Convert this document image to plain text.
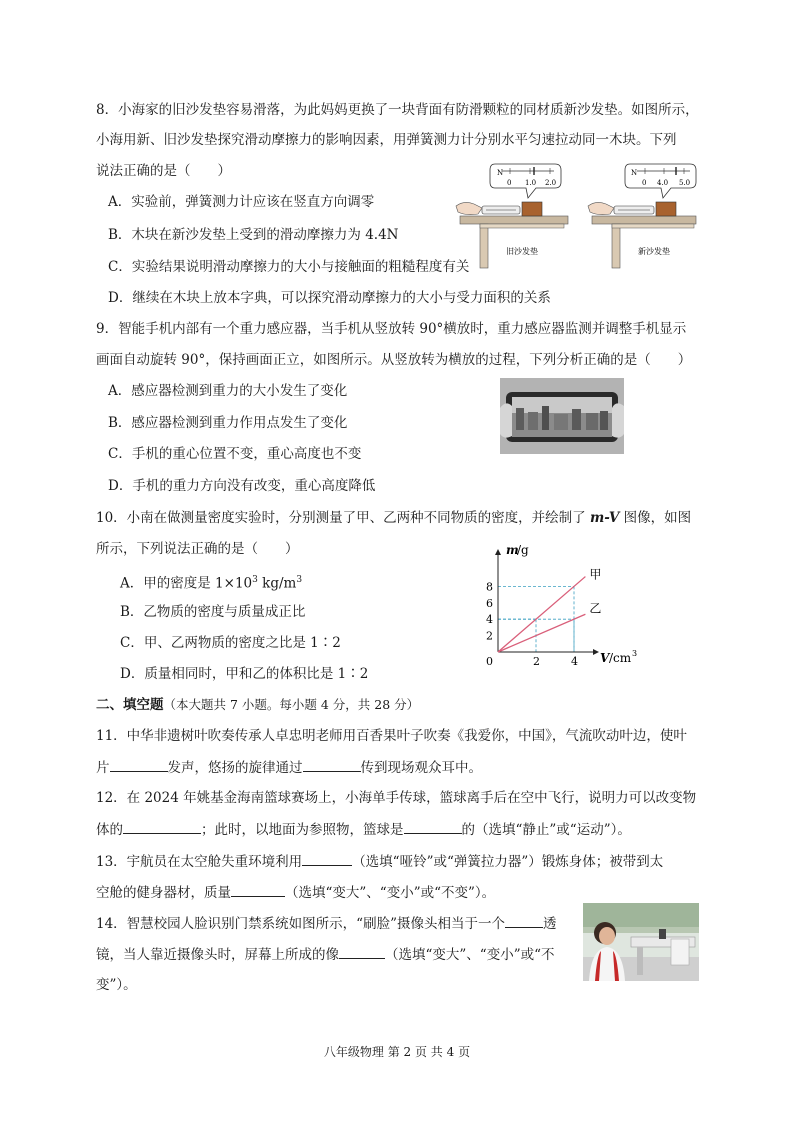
8．小海家的旧沙发垫容易滑落，为此妈妈更换了一块背面有防滑颗粒的同材质新沙发垫。如图所示，
小海用新、旧沙发垫探究滑动摩擦力的影响因素，用弹簧测力计分别水平匀速拉动同一木块。下列
说法正确的是（　　）
A．实验前，弹簧测力计应该在竖直方向调零
B．木块在新沙发垫上受到的滑动摩擦力为 4.4N
C．实验结果说明滑动摩擦力的大小与接触面的粗糙程度有关
D．继续在木块上放本字典，可以探究滑动摩擦力的大小与受力面积的关系
N
0 1.0 2.0
旧沙发垫
N
0 4.0 5.0
新沙发垫
9．智能手机内部有一个重力感应器，当手机从竖放转 90°横放时，重力感应器监测并调整手机显示
画面自动旋转 90°，保持画面正立，如图所示。从竖放转为横放的过程，下列分析正确的是（　　）
A．感应器检测到重力的大小发生了变化
B．感应器检测到重力作用点发生了变化
C．手机的重心位置不变，重心高度也不变
D．手机的重力方向没有改变，重心高度降低
10．小南在做测量密度实验时，分别测量了甲、乙两种不同物质的密度，并绘制了 m-V 图像，如图
所示，下列说法正确的是（　　）
A．甲的密度是 $1\times 10^3$ $kg/m^3$
B．乙物质的密度与质量成正比
C．甲、乙两物质的密度之比是 1∶2
D．质量相同时，甲和乙的体积比是 1∶2
甲
乙
2
4
6
8
0	2	4
m
/g
V /cm 3
二、填空题（本大题共 7 小题。每小题 4 分，共 28 分）
11．中华非遗树叶吹奏传承人卓忠明老师用百香果叶子吹奏《我爱你，中国》，气流吹动叶边，使叶
片	发声，悠扬的旋律通过	传到现场观众耳中。
12．在 2024 年姚基金海南篮球赛场上，小海单手传球，篮球离手后在空中飞行，说明力可以改变物
体的	；此时，以地面为参照物，篮球是	的（选填“静止”或“运动”）。
13．宇航员在太空舱失重环境利用	（选填“哑铃”或“弹簧拉力器”）锻炼身体；被带到太
空舱的健身器材，质量	（选填“变大”、“变小”或“不变”）。
14．智慧校园人脸识别门禁系统如图所示，“刷脸”摄像头相当于一个	透
镜，当人靠近摄像头时，屏幕上所成的像	（选填“变大”、“变小”或“不
变”）。
八年级物理 第 2 页 共 4 页
